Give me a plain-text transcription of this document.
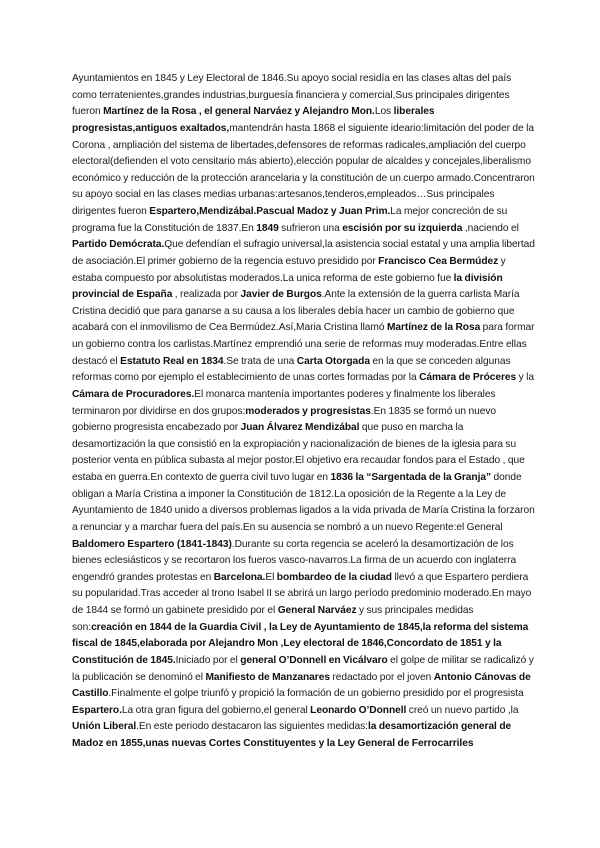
Ayuntamientos en 1845 y Ley Electoral de 1846.Su apoyo social residía en las clases altas del país como terratenientes,grandes industrias,burguesía financiera y comercial,Sus principales dirigentes fueron Martínez de la Rosa , el general Narváez y Alejandro Mon.Los liberales progresistas,antiguos exaltados,mantendrán hasta 1868 el siguiente ideario:limitación del poder de la Corona , ampliación del sistema de libertades,defensores de reformas radicales,ampliación del cuerpo electoral(defienden el voto censitario más abierto),elección popular de alcaldes y concejales,liberalismo económico y reducción de la protección arancelaria y la constitución de un cuerpo armado.Concentraron su apoyo social en las clases medias urbanas:artesanos,tenderos,empleados…Sus principales dirigentes fueron Espartero,Mendizábal.Pascual Madoz y Juan Prim.La mejor concreción de su programa fue la Constitución de 1837.En 1849 sufrieron una escisión por su izquierda ,naciendo el Partido Demócrata.Que defendían el sufragio universal,la asistencia social estatal y una amplia libertad de asociación.El primer gobierno de la regencia estuvo presidido por Francisco Cea Bermúdez y estaba compuesto por absolutistas moderados.La unica reforma de este gobierno fue la división provincial de España , realizada por Javier de Burgos.Ante la extensión de la guerra carlista María Cristina decidió que para ganarse a su causa a los liberales debía hacer un cambio de gobierno que acabará con el inmovilismo de Cea Bermúdez.Así,Maria Cristina llamó Martínez de la Rosa para formar un gobierno contra los carlistas.Martínez emprendió una serie de reformas muy moderadas.Entre ellas destacó el Estatuto Real en 1834.Se trata de una Carta Otorgada en la que se conceden algunas reformas como por ejemplo el establecimiento de unas cortes formadas por la Cámara de Próceres y la Cámara de Procuradores.El monarca mantenía importantes poderes y finalmente los liberales terminaron por dividirse en dos grupos:moderados y progresistas.En 1835 se formó un nuevo gobierno progresista encabezado por Juan Álvarez Mendizábal que puso en marcha la desamortización la que consistió en la expropiación y nacionalización de bienes de la iglesia para su posterior venta en pública subasta al mejor postor.El objetivo era recaudar fondos para el Estado , que estaba en guerra.En contexto de guerra civil tuvo lugar en 1836 la “Sargentada de la Granja” donde obligan a María Cristina a imponer la Constitución de 1812.La oposición de la Regente a la Ley de Ayuntamiento de 1840 unido a diversos problemas ligados a la vida privada de María Cristina la forzaron a renunciar y a marchar fuera del país.En su ausencia se nombró a un nuevo Regente:el General Baldomero Espartero (1841-1843).Durante su corta regencia se aceleró la desamortización de los bienes eclesiásticos y se recortaron los fueros vasco-navarros.La firma de un acuerdo con inglaterra engendró grandes protestas en Barcelona.El bombardeo de la ciudad llevó a que Espartero perdiera su popularidad.Tras acceder al trono Isabel II se abrirá un largo período predominio moderado.En mayo de 1844 se formó un gabinete presidido por el General Narváez y sus principales medidas son:creación en 1844 de la Guardia Civil , la Ley de Ayuntamiento de 1845,la reforma del sistema fiscal de 1845,elaborada por Alejandro Mon ,Ley electoral de 1846,Concordato de 1851 y la Constitución de 1845.Iniciado por el general O’Donnell en Vicálvaro el golpe de militar se radicalizó y la publicación se denominó el Manifiesto de Manzanares redactado por el joven Antonio Cánovas de Castillo.Finalmente el golpe triunfó y propició la formación de un gobierno presidido por el progresista Espartero.La otra gran figura del gobierno,el general Leonardo O’Donnell creó un nuevo partido ,la Unión Liberal.En este periodo destacaron las siguientes medidas:la desamortización general de Madoz en 1855,unas nuevas Cortes Constituyentes y la Ley General de Ferrocarriles
